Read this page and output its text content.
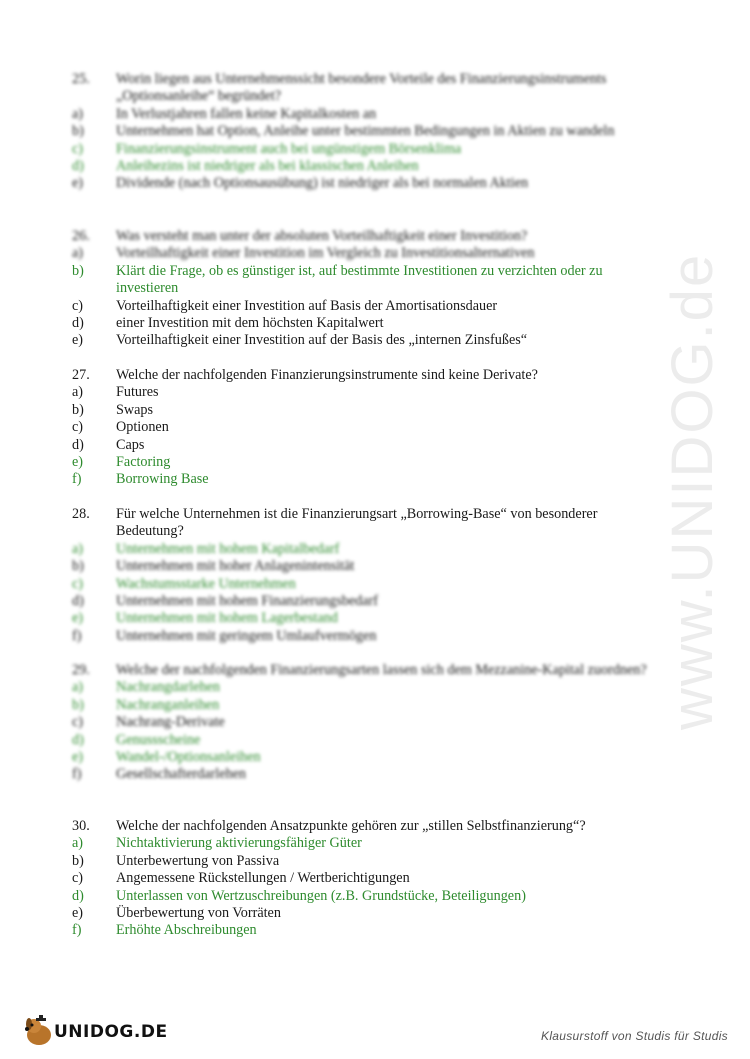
25.	Worin liegen aus Unternehmenssicht besondere Vorteile des Finanzierungsinstruments „Optionsanleihe“ begründet?
a)	In Verlustjahren fallen keine Kapitalkosten an
b)	Unternehmen hat Option, Anleihe unter bestimmten Bedingungen in Aktien zu wandeln
c)	Finanzierungsinstrument auch bei ungünstigem Börsenklima
d)	Anleihezins ist niedriger als bei klassischen Anleihen
e)	Dividende (nach Optionsausübung) ist niedriger als bei normalen Aktien
26.	Was versteht man unter der absoluten Vorteilhaftigkeit einer Investition?
a)	Vorteilhaftigkeit einer Investition im Vergleich zu Investitionsalternativen
b)	Klärt die Frage, ob es günstiger ist, auf bestimmte Investitionen zu verzichten oder zu investieren
c)	Vorteilhaftigkeit einer Investition auf Basis der Amortisationsdauer
d)	einer Investition mit dem höchsten Kapitalwert
e)	Vorteilhaftigkeit einer Investition auf der Basis des „internen Zinsfußes“
27.	Welche der nachfolgenden Finanzierungsinstrumente sind keine Derivate?
a)	Futures
b)	Swaps
c)	Optionen
d)	Caps
e)	Factoring
f)	Borrowing Base
28.	Für welche Unternehmen ist die Finanzierungsart „Borrowing-Base“ von besonderer Bedeutung?
a)	Unternehmen mit hohem Kapitalbedarf
b)	Unternehmen mit hoher Anlagenintensität
c)	Wachstumsstarke Unternehmen
d)	Unternehmen mit hohem Finanzierungsbedarf
e)	Unternehmen mit hohem Lagerbestand
f)	Unternehmen mit geringem Umlaufvermögen
29.	Welche der nachfolgenden Finanzierungsarten lassen sich dem Mezzanine-Kapital zuordnen?
a)	Nachrangdarlehen
b)	Nachranganleihen
c)	Nachrang-Derivate
d)	Genussscheine
e)	Wandel-/Optionsanleihen
f)	Gesellschafterdarlehen
30.	Welche der nachfolgenden Ansatzpunkte gehören zur „stillen Selbstfinanzierung“?
a)	Nichtaktivierung aktivierungsfähiger Güter
b)	Unterbewertung von Passiva
c)	Angemessene Rückstellungen / Wertberichtigungen
d)	Unterlassen von Wertzuschreibungen (z.B. Grundstücke, Beteiligungen)
e)	Überbewertung von Vorräten
f)	Erhöhte Abschreibungen
www.UNIDOG.de
UNIDOG.DE	Klausurstoff von Studis für Studis
